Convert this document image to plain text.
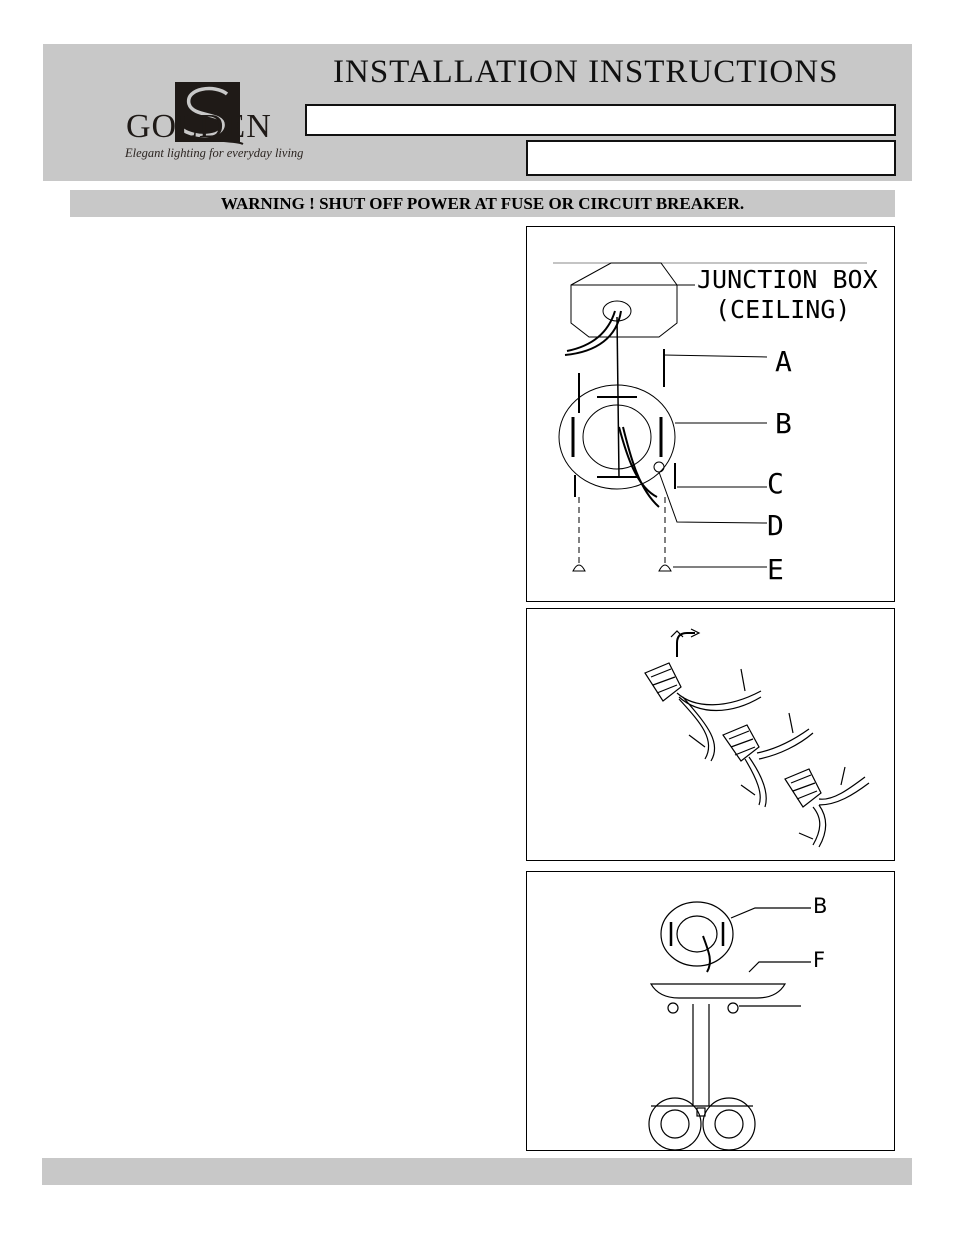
GOLDEN
Elegant lighting for everyday living
INSTALLATION INSTRUCTIONS
WARNING ! SHUT OFF POWER AT FUSE OR CIRCUIT BREAKER.
JUNCTION BOX
(CEILING)
A
B
C
D
E
B
F
